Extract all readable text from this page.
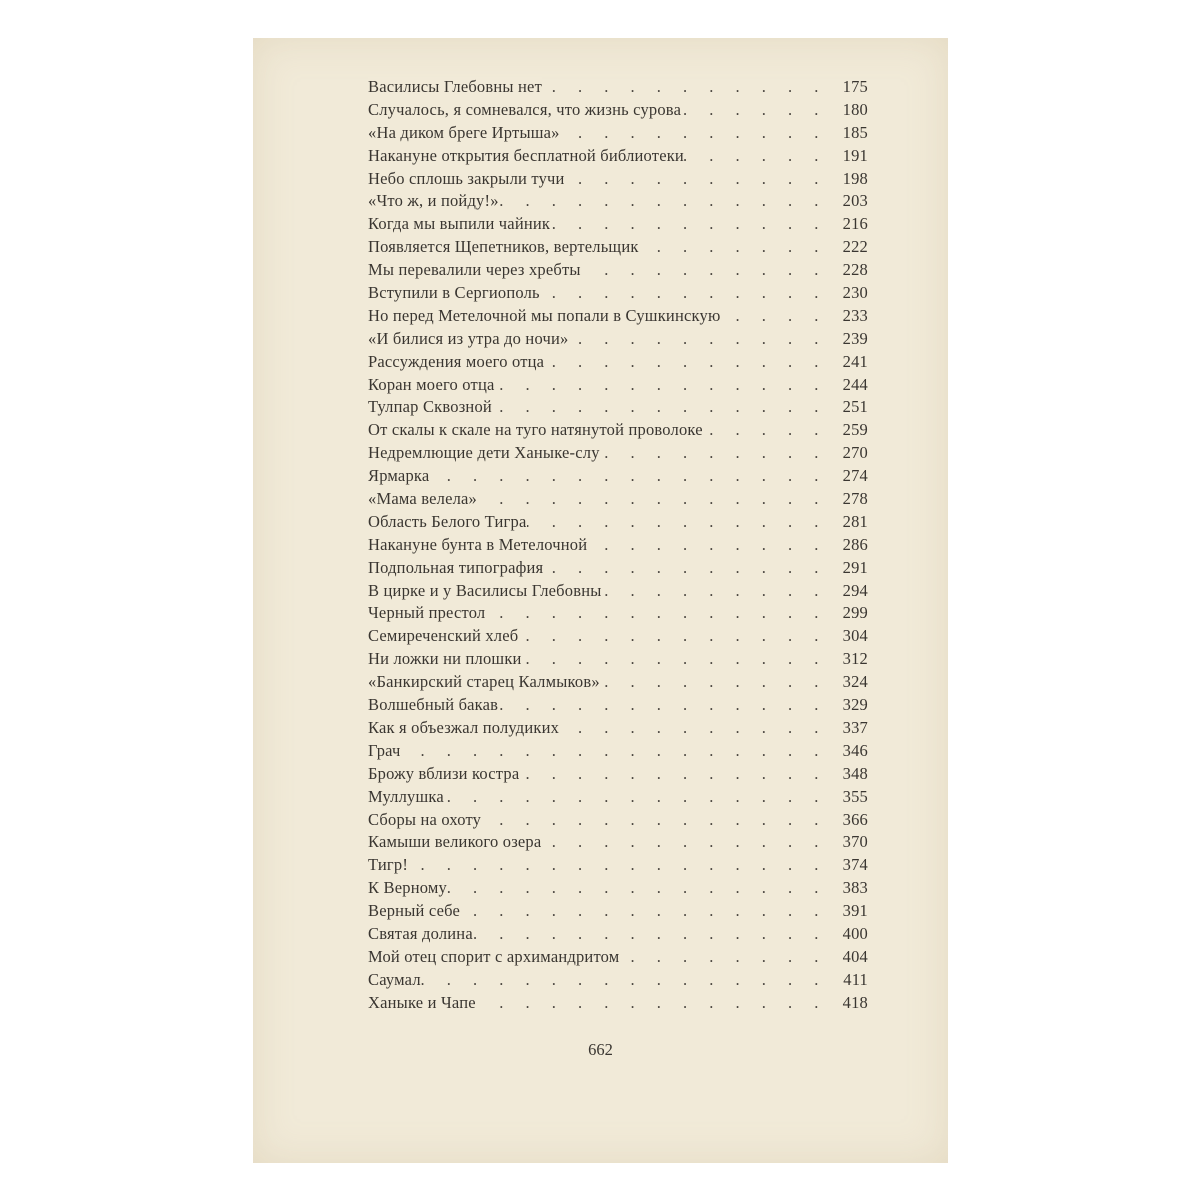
. . .
Василисы Глебовны нет	175
. . .
Случалось, я сомневался, что жизнь сурова	180
. . .
«На диком бреге Иртыша»	185
. . .
Накануне открытия бесплатной библиотеки	191
. . .
Небо сплошь закрыли тучи	198
. . .
«Что ж, и пойду!»	203
. . .
Когда мы выпили чайник	216
. . .
Появляется Щепетников, вертельщик	222
. . .
Мы перевалили через хребты	228
. . .
Вступили в Сергиополь	230
. . .
Но перед Метелочной мы попали в Сушкинскую	233
. . .
«И билися из утра до ночи»	239
. . .
Рассуждения моего отца	241
. . .
Коран моего отца	244
. . .
Тулпар Сквозной	251
. . .
От скалы к скале на туго натянутой проволоке	259
. . .
Недремлющие дети Ханыке-слу	270
. . .
Ярмарка	274
. . .
«Мама велела»	278
. . .
Область Белого Тигра	281
. . .
Накануне бунта в Метелочной	286
. . .
Подпольная типография	291
. . .
В цирке и у Василисы Глебовны	294
. . .
Черный престол	299
. . .
Семиреченский хлеб	304
. . .
Ни ложки ни плошки	312
. . .
«Банкирский старец Калмыков»	324
. . .
Волшебный бакав	329
. . .
Как я объезжал полудиких	337
. . .
Грач	346
. . .
Брожу вблизи костра	348
. . .
Муллушка	355
. . .
Сборы на охоту	366
. . .
Камыши великого озера	370
. . .
Тигр!	374
. . .
К Верному	383
. . .
Верный себе	391
. . .
Святая долина	400
. . .
Мой отец спорит с архимандритом	404
. . .
Саумал	411
. . .
Ханыке и Чапе	418
662
